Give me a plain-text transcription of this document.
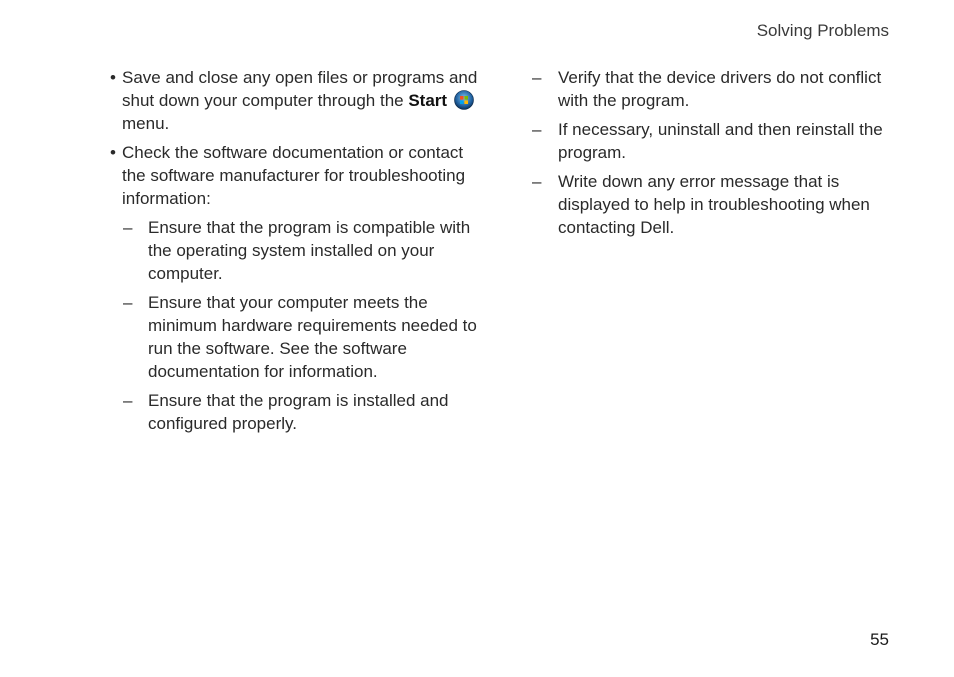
Solving Problems
• Save and close any open files or programs and shut down your computer through the Start menu.
• Check the software documentation or contact the software manufacturer for troubleshooting information:
– Ensure that the program is compatible with the operating system installed on your computer.
– Ensure that your computer meets the minimum hardware requirements needed to run the software. See the software documentation for information.
– Ensure that the program is installed and configured properly.
– Verify that the device drivers do not conflict with the program.
– If necessary, uninstall and then reinstall the program.
– Write down any error message that is displayed to help in troubleshooting when contacting Dell.
55
